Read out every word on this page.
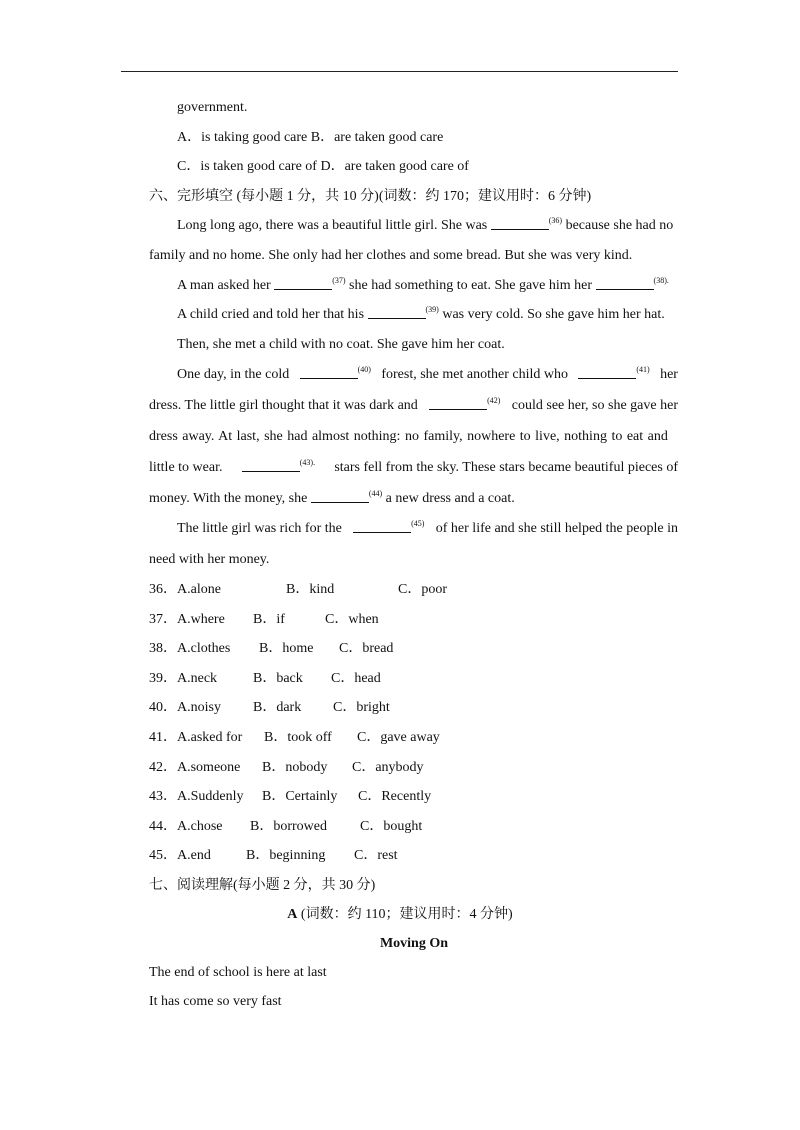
government.
A．is taking good care B．are taken good care
C．is taken good care of D．are taken good care of
六、完形填空 (每小题 1 分，共 10 分)(词数：约 170；建议用时：6 分钟)
Long long ago, there was a beautiful little girl. She was	$^{(36)}$ because she had no
family and no home. She only had her clothes and some bread. But she was very kind.
A man asked her	$^{(37)}$ she had something to eat. She gave him her	$^{(38).}$
A child cried and told her that his	$^{(39)}$ was very cold. So she gave him her hat.
Then, she met a child with no coat. She gave him her coat.
One day, in the cold	$^{(40)}$ forest, she met another child who	$^{(41)}$ her
dress. The little girl thought that it was dark and	$^{(42)}$ could see her, so she gave her
dress away. At last, she had almost nothing: no family, nowhere to live, nothing to eat and
little to wear.	$^{(43).}$ stars fell from the sky. These stars became beautiful pieces of
money. With the money, she	$^{(44)}$ a new dress and a coat.
The little girl was rich for the	$^{(45)}$ of her life and she still helped the people in
need with her money.
36． A.alone	B．kind	C．poor
37． A.where B．if	C．when
38． A.clothes B．home C．bread
39． A.neck	B．back C．head
40． A.noisy B．dark C．bright
41． A.asked for B．took off C．gave away
42． A.someone B．nobody C．anybody
43． A.Suddenly B．Certainly C．Recently
44． A.chose B．borrowed C．bought
45． A.end	B．beginning C．rest
七、阅读理解(每小题 2 分，共 30 分)
A (词数：约 110；建议用时：4 分钟)
Moving On
The end of school is here at last
It has come so very fast
